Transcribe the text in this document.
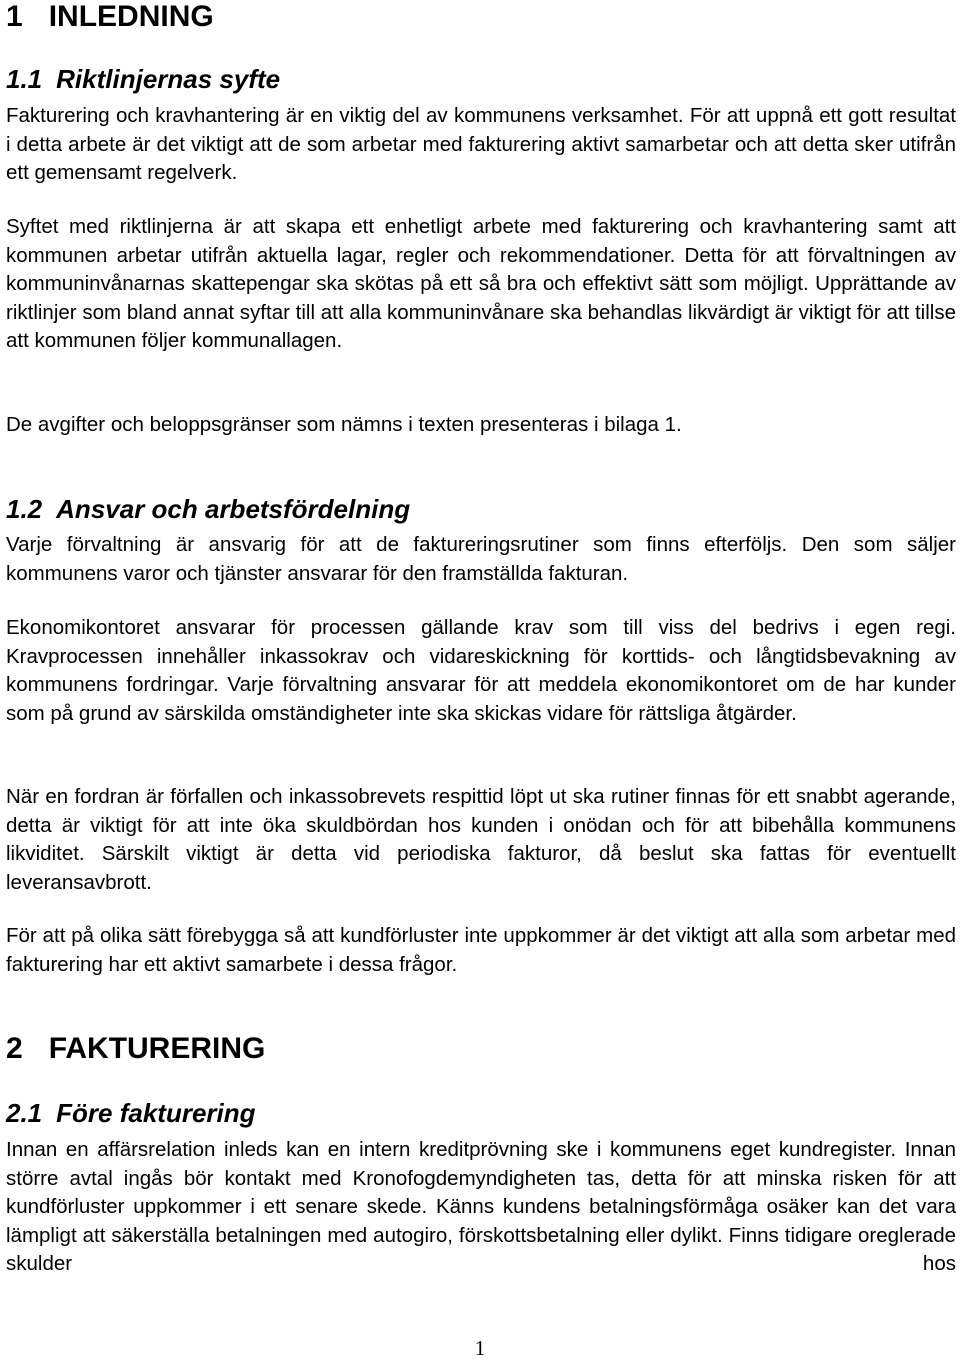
1 INLEDNING
1.1 Riktlinjernas syfte

Fakturering och kravhantering är en viktig del av kommunens verksamhet. För att uppnå ett gott resultat i detta arbete är det viktigt att de som arbetar med fakturering aktivt samarbetar och att detta sker utifrån ett gemensamt regelverk.

Syftet med riktlinjerna är att skapa ett enhetligt arbete med fakturering och kravhantering samt att kommunen arbetar utifrån aktuella lagar, regler och rekommendationer. Detta för att förvaltningen av kommuninvånarnas skattepengar ska skötas på ett så bra och effektivt sätt som möjligt. Upprättande av riktlinjer som bland annat syftar till att alla kommuninvånare ska behandlas likvärdigt är viktigt för att tillse att kommunen följer kommunallagen.

De avgifter och beloppsgränser som nämns i texten presenteras i bilaga 1.

1.2 Ansvar och arbetsfördelning

Varje förvaltning är ansvarig för att de faktureringsrutiner som finns efterföljs. Den som säljer kommunens varor och tjänster ansvarar för den framställda fakturan.

Ekonomikontoret ansvarar för processen gällande krav som till viss del bedrivs i egen regi. Kravprocessen innehåller inkassokrav och vidareskickning för korttids- och långtidsbevakning av kommunens fordringar. Varje förvaltning ansvarar för att meddela ekonomikontoret om de har kunder som på grund av särskilda omständigheter inte ska skickas vidare för rättsliga åtgärder.

När en fordran är förfallen och inkassobrevets respittid löpt ut ska rutiner finnas för ett snabbt agerande, detta är viktigt för att inte öka skuldbördan hos kunden i onödan och för att bibehålla kommunens likviditet. Särskilt viktigt är detta vid periodiska fakturor, då beslut ska fattas för eventuellt leveransavbrott.

För att på olika sätt förebygga så att kundförluster inte uppkommer är det viktigt att alla som arbetar med fakturering har ett aktivt samarbete i dessa frågor.

2 FAKTURERING
2.1 Före fakturering

Innan en affärsrelation inleds kan en intern kreditprövning ske i kommunens eget kundregister. Innan större avtal ingås bör kontakt med Kronofogdemyndigheten tas, detta för att minska risken för att kundförluster uppkommer i ett senare skede. Känns kundens betalningsförmåga osäker kan det vara lämpligt att säkerställa betalningen med autogiro, förskottsbetalning eller dylikt. Finns tidigare oreglerade skulder hos

1
